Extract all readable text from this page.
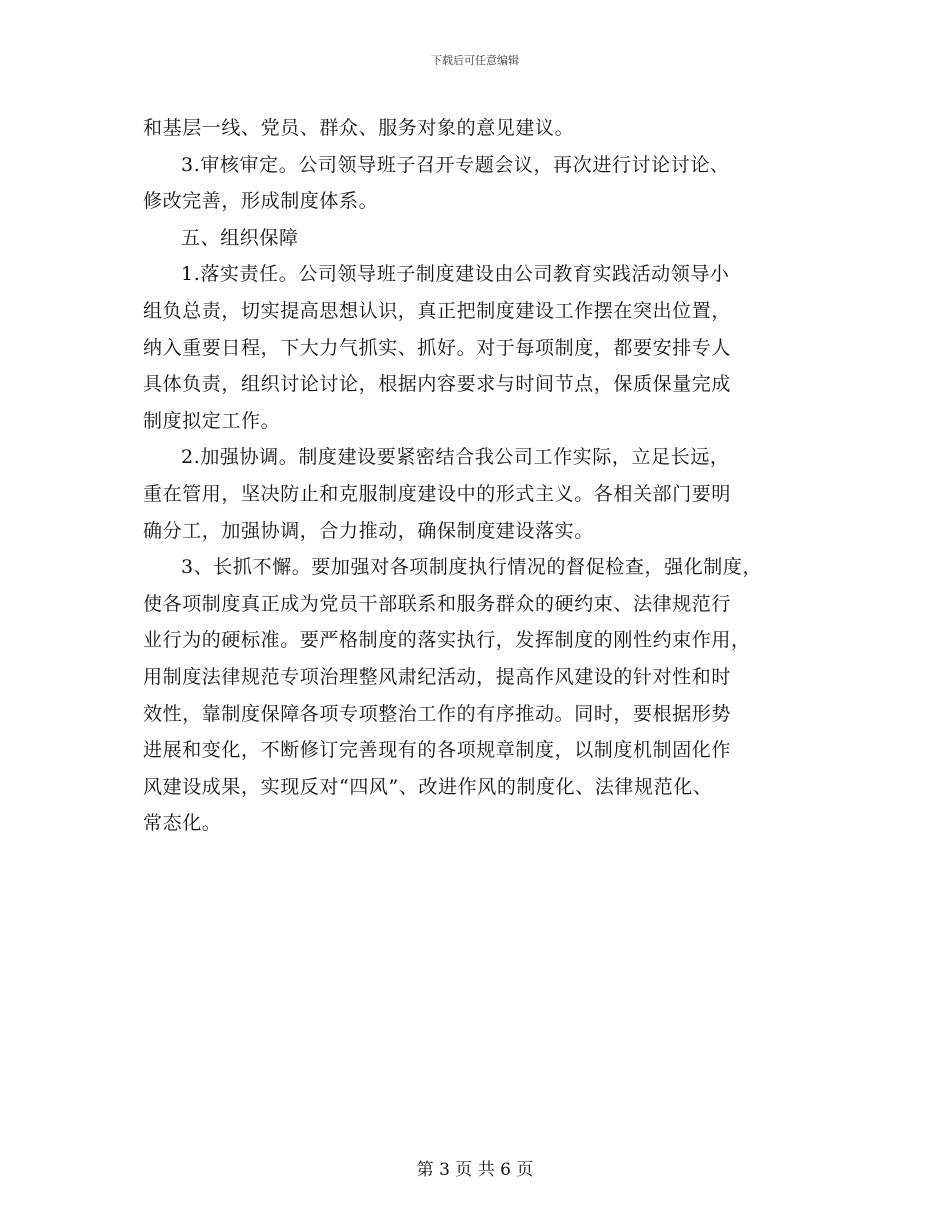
下载后可任意编辑
和基层一线、党员、群众、服务对象的意见建议。
3.审核审定。公司领导班子召开专题会议，再次进行讨论讨论、
修改完善，形成制度体系。
五、组织保障
1.落实责任。公司领导班子制度建设由公司教育实践活动领导小
组负总责，切实提高思想认识，真正把制度建设工作摆在突出位置，
纳入重要日程，下大力气抓实、抓好。对于每项制度，都要安排专人
具体负责，组织讨论讨论，根据内容要求与时间节点，保质保量完成
制度拟定工作。
2.加强协调。制度建设要紧密结合我公司工作实际，立足长远，
重在管用，坚决防止和克服制度建设中的形式主义。各相关部门要明
确分工，加强协调，合力推动，确保制度建设落实。
3、长抓不懈。要加强对各项制度执行情况的督促检查，强化制度，
使各项制度真正成为党员干部联系和服务群众的硬约束、法律规范行
业行为的硬标准。要严格制度的落实执行，发挥制度的刚性约束作用，
用制度法律规范专项治理整风肃纪活动，提高作风建设的针对性和时
效性，靠制度保障各项专项整治工作的有序推动。同时，要根据形势
进展和变化，不断修订完善现有的各项规章制度，以制度机制固化作
风建设成果，实现反对“四风”、改进作风的制度化、法律规范化、
常态化。
第 3 页 共 6 页
